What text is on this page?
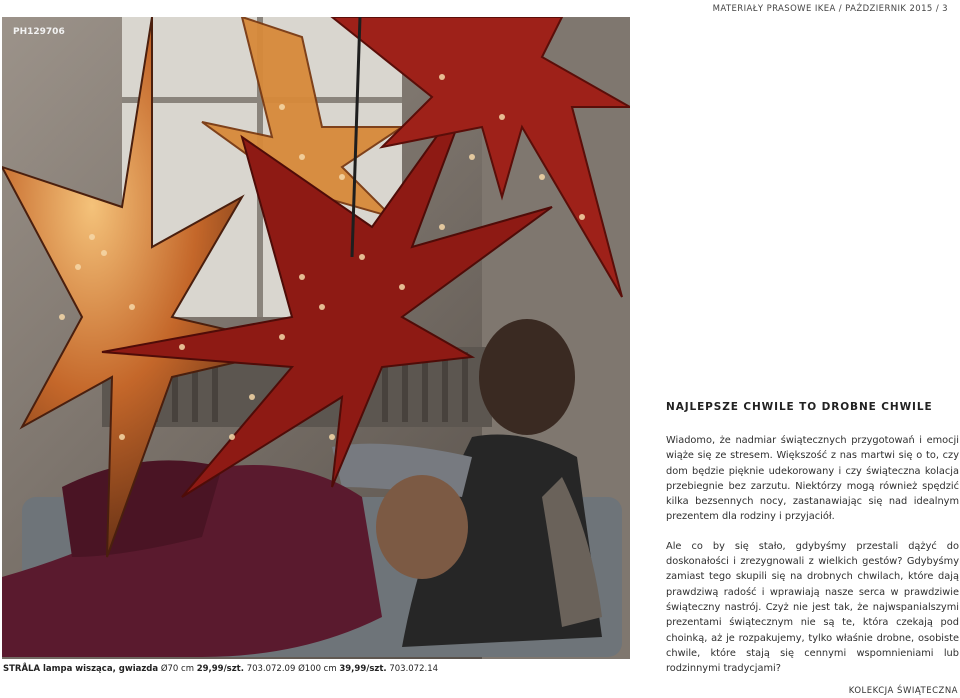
MATERIAŁY PRASOWE IKEA / PAŹDZIERNIK 2015 / 3
PH129706
STRÅLA lampa wisząca, gwiazda Ø70 cm 29,99/szt. 703.072.09 Ø100 cm 39,99/szt. 703.072.14
NAJLEPSZE CHWILE TO DROBNE CHWILE

Wiadomo, że nadmiar świątecznych przygotowań i emocji wiąże się ze stresem. Większość z nas martwi się o to, czy dom będzie pięknie udekorowany i czy świąteczna kolacja przebiegnie bez zarzutu. Niektórzy mogą również spędzić kilka bezsennych nocy, zastanawiając się nad idealnym prezentem dla rodziny i przyjaciół.

Ale co by się stało, gdybyśmy przestali dążyć do doskonałości i zrezygnowali z wielkich gestów? Gdybyśmy zamiast tego skupili się na drobnych chwilach, które dają prawdziwą radość i wprawiają nasze serca w prawdziwie świąteczny nastrój. Czyż nie jest tak, że najwspanialszymi prezentami świątecznym nie są te, która czekają pod choinką, aż je rozpakujemy, tylko właśnie drobne, osobiste chwile, które stają się cennymi wspomnieniami lub rodzinnymi tradycjami?

KOLEKCJA ŚWIĄTECZNA
